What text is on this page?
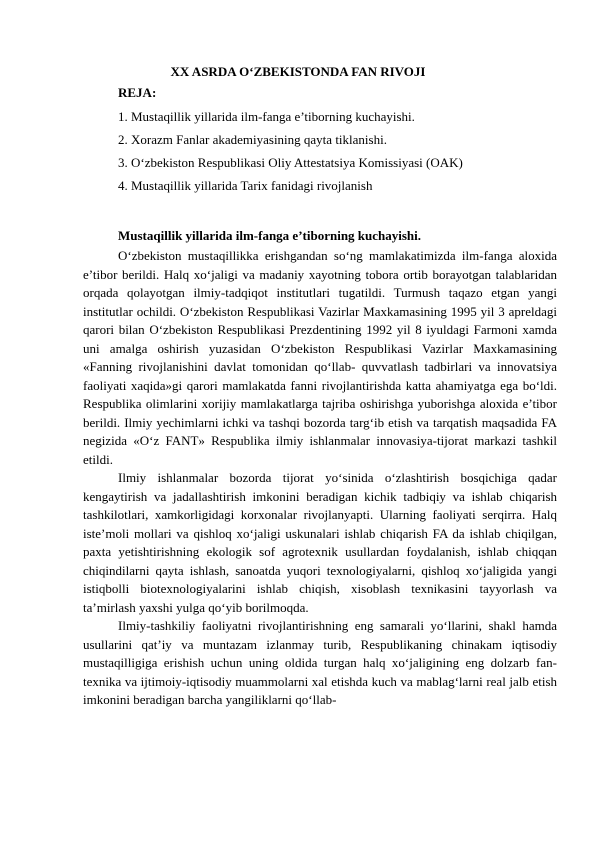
XX ASRDA O‘ZBEKISTONDA FAN RIVOJI
REJA:
1. Mustaqillik yillarida ilm-fanga e’tiborning kuchayishi.
2. Xorazm Fanlar akademiyasining qayta tiklanishi.
3. O‘zbekiston Respublikasi Oliy Attestatsiya Komissiyasi (OAK)
4. Mustaqillik yillarida Tarix fanidagi rivojlanish
Mustaqillik yillarida ilm-fanga e’tiborning kuchayishi.

O‘zbekiston mustaqillikka erishgandan so‘ng mamlakatimizda ilm-fanga aloxida e’tibor berildi. Halq xo‘jaligi va madaniy xayotning tobora ortib borayotgan talablaridan orqada qolayotgan ilmiy-tadqiqot institutlari tugatildi. Turmush taqazo etgan yangi institutlar ochildi. O‘zbekiston Respublikasi Vazirlar Maxkamasining 1995 yil 3 apreldagi qarori bilan O‘zbekiston Respublikasi Prezdentining 1992 yil 8 iyuldagi Farmoni xamda uni amalga oshirish yuzasidan O‘zbekiston Respublikasi Vazirlar Maxkamasining «Fanning rivojlanishini davlat tomonidan qo‘llab- quvvatlash tadbirlari va innovatsiya faoliyati xaqida»gi qarori mamlakatda fanni rivojlantirishda katta ahamiyatga ega bo‘ldi. Respublika olimlarini xorijiy mamlakatlarga tajriba oshirishga yuborishga aloxida e’tibor berildi. Ilmiy yechimlarni ichki va tashqi bozorda targ‘ib etish va tarqatish maqsadida FA negizida «O‘z FANT» Respublika ilmiy ishlanmalar innovasiya-tijorat markazi tashkil etildi.

Ilmiy ishlanmalar bozorda tijorat yo‘sinida o‘zlashtirish bosqichiga qadar kengaytirish va jadallashtirish imkonini beradigan kichik tadbiqiy va ishlab chiqarish tashkilotlari, xamkorligidagi korxonalar rivojlanyapti. Ularning faoliyati serqirra. Halq iste’moli mollari va qishloq xo‘jaligi uskunalari ishlab chiqarish FA da ishlab chiqilgan, paxta yetishtirishning ekologik sof agrotexnik usullardan foydalanish, ishlab chiqqan chiqindilarni qayta ishlash, sanoatda yuqori texnologiyalarni, qishloq xo‘jaligida yangi istiqbolli biotexnologiyalarini ishlab chiqish, xisoblash texnikasini tayyorlash va ta’mirlash yaxshi yulga qo‘yib borilmoqda.

Ilmiy-tashkiliy faoliyatni rivojlantirishning eng samarali yo‘llarini, shakl hamda usullarini qat’iy va muntazam izlanmay turib, Respublikaning chinakam iqtisodiy mustaqilligiga erishish uchun uning oldida turgan halq xo‘jaligining eng dolzarb fan-texnika va ijtimoiy-iqtisodiy muammolarni xal etishda kuch va mablag‘larni real jalb etish imkonini beradigan barcha yangiliklarni qo‘llab-
